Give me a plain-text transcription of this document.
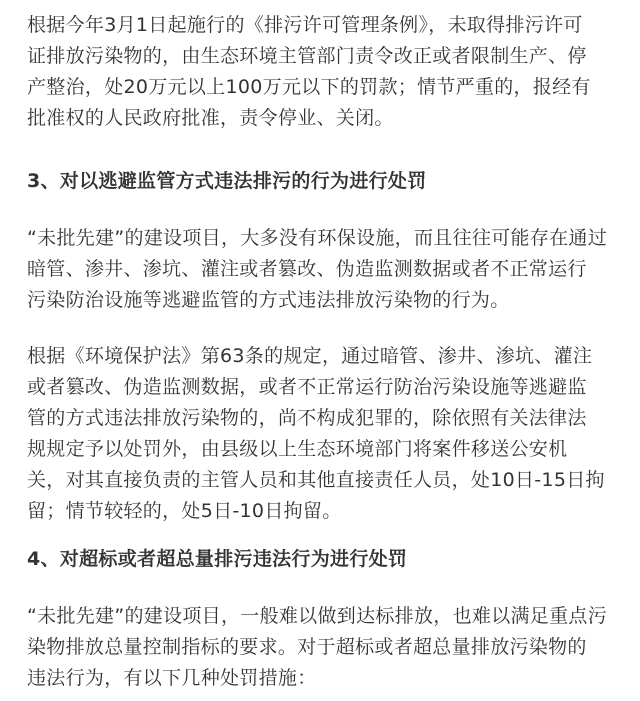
根据今年3月1日起施行的《排污许可管理条例》，未取得排污许可
证排放污染物的，由生态环境主管部门责令改正或者限制生产、停
产整治，处20万元以上100万元以下的罚款；情节严重的，报经有
批准权的人民政府批准，责令停业、关闭。

3、对以逃避监管方式违法排污的行为进行处罚

“未批先建”的建设项目，大多没有环保设施，而且往往可能存在通过
暗管、渗井、渗坑、灌注或者篡改、伪造监测数据或者不正常运行
污染防治设施等逃避监管的方式违法排放污染物的行为。

根据《环境保护法》第63条的规定，通过暗管、渗井、渗坑、灌注
或者篡改、伪造监测数据，或者不正常运行防治污染设施等逃避监
管的方式违法排放污染物的，尚不构成犯罪的，除依照有关法律法
规规定予以处罚外，由县级以上生态环境部门将案件移送公安机
关，对其直接负责的主管人员和其他直接责任人员，处10日-15日拘
留；情节较轻的，处5日-10日拘留。

4、对超标或者超总量排污违法行为进行处罚

“未批先建”的建设项目，一般难以做到达标排放，也难以满足重点污
染物排放总量控制指标的要求。对于超标或者超总量排放污染物的
违法行为，有以下几种处罚措施：
